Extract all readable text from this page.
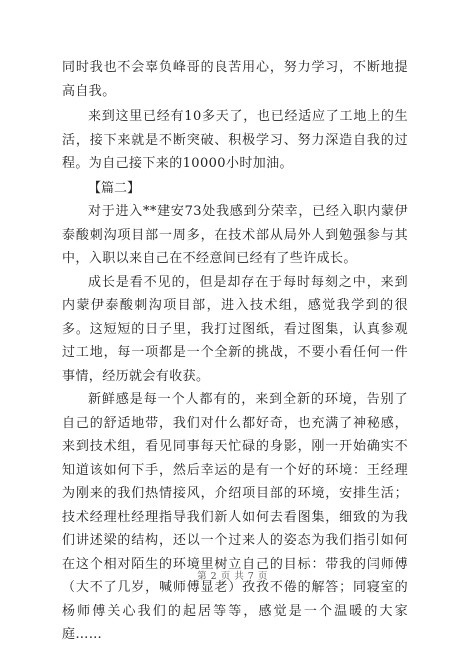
同时我也不会辜负峰哥的良苦用心，努力学习，不断地提高自我。

来到这里已经有10多天了，也已经适应了工地上的生活，接下来就是不断突破、积极学习、努力深造自我的过程。为自己接下来的10000小时加油。

【篇二】

对于进入**建安73处我感到分荣幸，已经入职内蒙伊泰酸刺沟项目部一周多，在技术部从局外人到勉强参与其中，入职以来自己在不经意间已经有了些许成长。

成长是看不见的，但是却存在于每时每刻之中，来到内蒙伊泰酸刺沟项目部，进入技术组，感觉我学到的很多。这短短的日子里，我打过图纸，看过图集，认真参观过工地，每一项都是一个全新的挑战，不要小看任何一件事情，经历就会有收获。

新鲜感是每一个人都有的，来到全新的环境，告别了自己的舒适地带，我们对什么都好奇，也充满了神秘感，来到技术组，看见同事每天忙碌的身影，刚一开始确实不知道该如何下手，然后幸运的是有一个好的环境：王经理为刚来的我们热情接风，介绍项目部的环境，安排生活；技术经理杜经理指导我们新人如何去看图集，细致的为我们讲述梁的结构，还以一个过来人的姿态为我们指引如何在这个相对陌生的环境里树立自己的目标：带我的闫师傅（大不了几岁，喊师傅显老）孜孜不倦的解答；同寝室的杨师傅关心我们的起居等等，感觉是一个温暖的大家庭……

第 2 页 共 7 页
